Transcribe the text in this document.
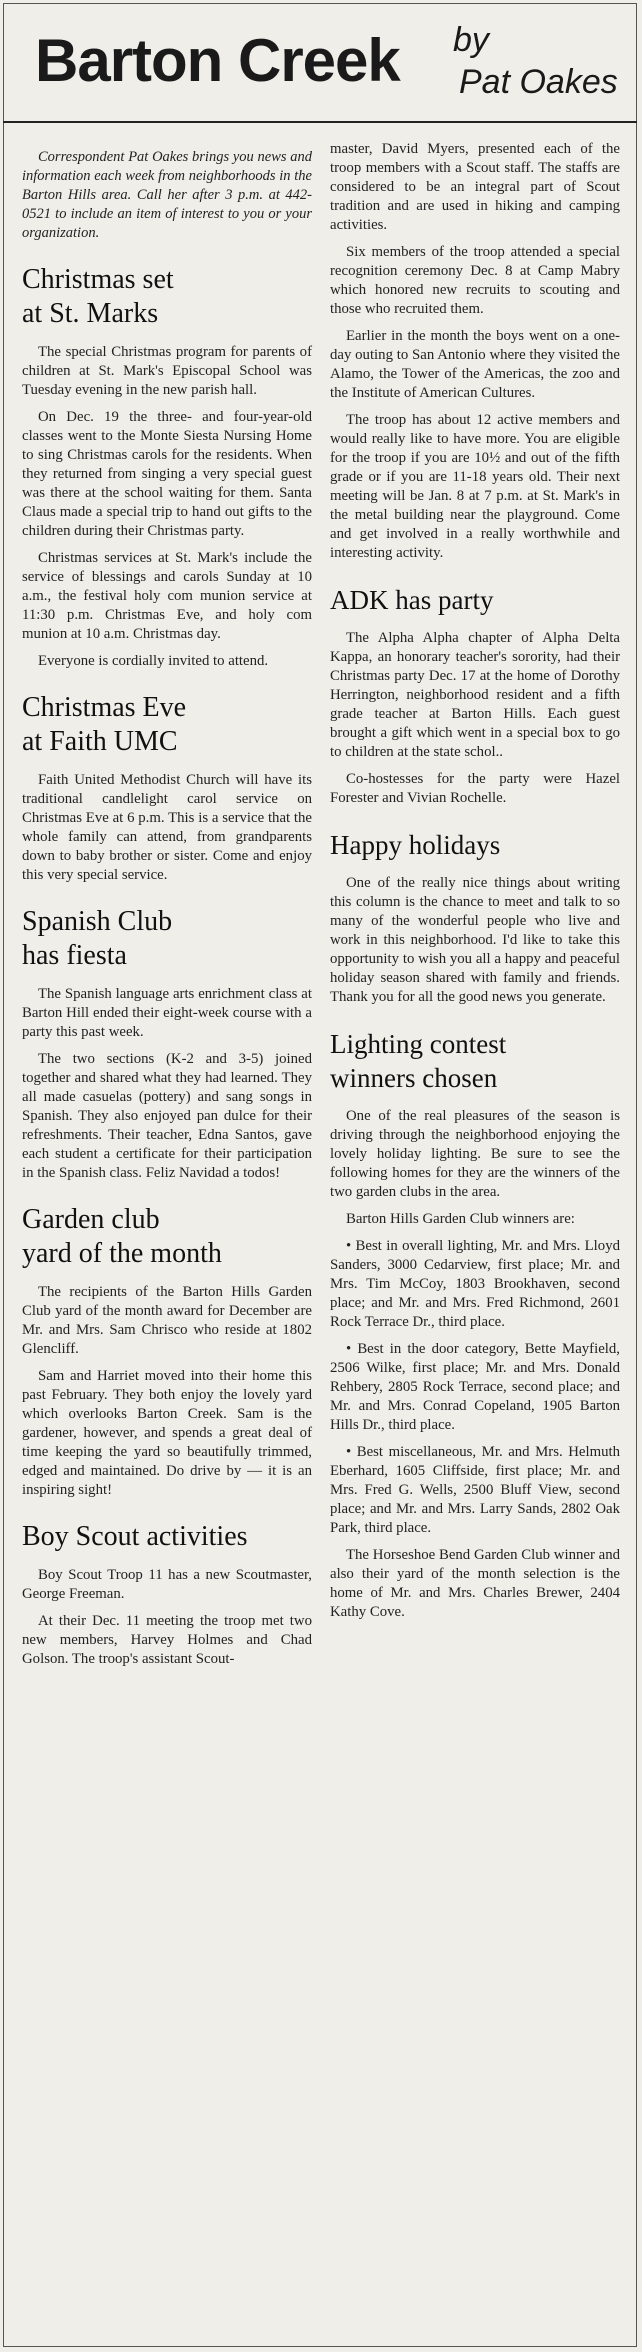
Barton Creek by
Pat Oakes

Correspondent Pat Oakes brings you news and information each week from neighborhoods in the Barton Hills area. Call her after 3 p.m. at 442-0521 to include an item of interest to you or your organization.

Christmas set
at St. Marks

The special Christmas program for parents of children at St. Mark's Episcopal School was Tuesday evening in the new parish hall.

On Dec. 19 the three- and four-year-old classes went to the Monte Siesta Nursing Home to sing Christmas carols for the residents. When they returned from singing a very special guest was there at the school waiting for them. Santa Claus made a special trip to hand out gifts to the children during their Christmas party.

Christmas services at St. Mark's include the service of blessings and carols Sunday at 10 a.m., the festival holy com munion service at 11:30 p.m. Christmas Eve, and holy com munion at 10 a.m. Christmas day.

Everyone is cordially invited to attend.

Christmas Eve
at Faith UMC

Faith United Methodist Church will have its traditional candlelight carol service on Christmas Eve at 6 p.m. This is a service that the whole family can attend, from grandparents down to baby brother or sister. Come and enjoy this very special service.

Spanish Club
has fiesta

The Spanish language arts enrichment class at Barton Hill ended their eight-week course with a party this past week.

The two sections (K-2 and 3-5) joined together and shared what they had learned. They all made casuelas (pottery) and sang songs in Spanish. They also enjoyed pan dulce for their refreshments. Their teacher, Edna Santos, gave each student a certificate for their participation in the Spanish class. Feliz Navidad a todos!

Garden club
yard of the month

The recipients of the Barton Hills Garden Club yard of the month award for December are Mr. and Mrs. Sam Chrisco who reside at 1802 Glencliff.

Sam and Harriet moved into their home this past February. They both enjoy the lovely yard which overlooks Barton Creek. Sam is the gardener, however, and spends a great deal of time keeping the yard so beautifully trimmed, edged and maintained. Do drive by — it is an inspiring sight!

Boy Scout activities

Boy Scout Troop 11 has a new Scoutmaster, George Freeman.

At their Dec. 11 meeting the troop met two new members, Harvey Holmes and Chad Golson. The troop's assistant Scout-

master, David Myers, presented each of the troop members with a Scout staff. The staffs are considered to be an integral part of Scout tradition and are used in hiking and camping activities.

Six members of the troop attended a special recognition ceremony Dec. 8 at Camp Mabry which honored new recruits to scouting and those who recruited them.

Earlier in the month the boys went on a one-day outing to San Antonio where they visited the Alamo, the Tower of the Americas, the zoo and the Institute of American Cultures.

The troop has about 12 active members and would really like to have more. You are eligible for the troop if you are 10½ and out of the fifth grade or if you are 11-18 years old. Their next meeting will be Jan. 8 at 7 p.m. at St. Mark's in the metal building near the playground. Come and get involved in a really worthwhile and interesting activity.

ADK has party

The Alpha Alpha chapter of Alpha Delta Kappa, an honorary teacher's sorority, had their Christmas party Dec. 17 at the home of Dorothy Herrington, neighborhood resident and a fifth grade teacher at Barton Hills. Each guest brought a gift which went in a special box to go to children at the state schol..

Co-hostesses for the party were Hazel Forester and Vivian Rochelle.

Happy holidays

One of the really nice things about writing this column is the chance to meet and talk to so many of the wonderful people who live and work in this neighborhood. I'd like to take this opportunity to wish you all a happy and peaceful holiday season shared with family and friends. Thank you for all the good news you generate.

Lighting contest
winners chosen

One of the real pleasures of the season is driving through the neighborhood enjoying the lovely holiday lighting. Be sure to see the following homes for they are the winners of the two garden clubs in the area.

Barton Hills Garden Club winners are:

• Best in overall lighting, Mr. and Mrs. Lloyd Sanders, 3000 Cedarview, first place; Mr. and Mrs. Tim McCoy, 1803 Brookhaven, second place; and Mr. and Mrs. Fred Richmond, 2601 Rock Terrace Dr., third place.

• Best in the door category, Bette Mayfield, 2506 Wilke, first place; Mr. and Mrs. Donald Rehbery, 2805 Rock Terrace, second place; and Mr. and Mrs. Conrad Copeland, 1905 Barton Hills Dr., third place.

• Best miscellaneous, Mr. and Mrs. Helmuth Eberhard, 1605 Cliffside, first place; Mr. and Mrs. Fred G. Wells, 2500 Bluff View, second place; and Mr. and Mrs. Larry Sands, 2802 Oak Park, third place.

The Horseshoe Bend Garden Club winner and also their yard of the month selection is the home of Mr. and Mrs. Charles Brewer, 2404 Kathy Cove.
